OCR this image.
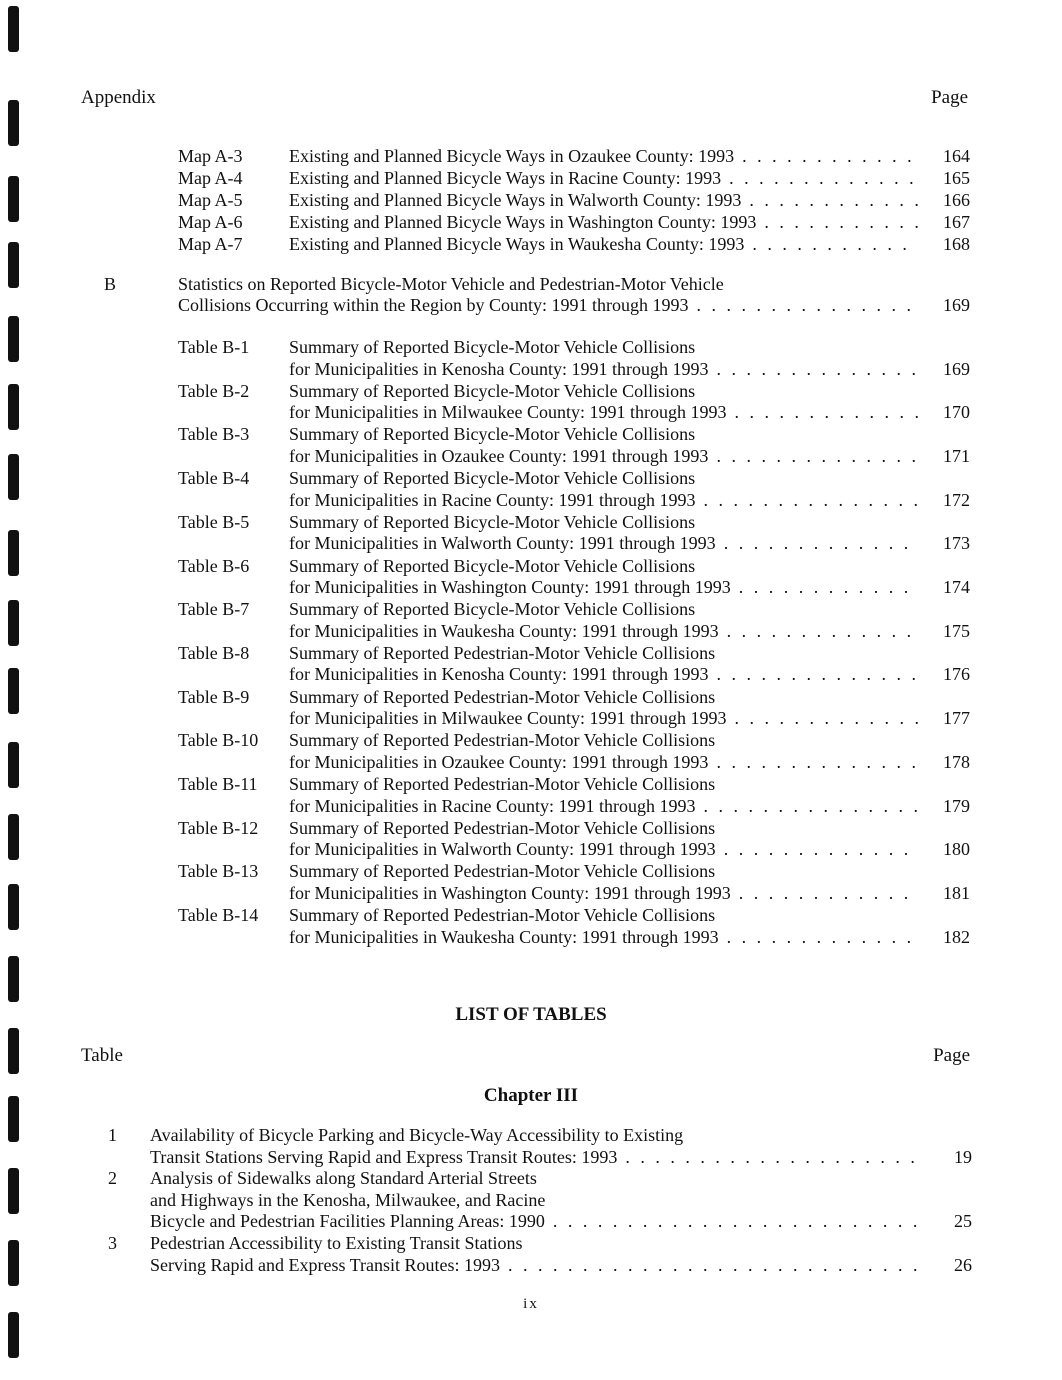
Appendix	Page
Map A-3	Existing and Planned Bicycle Ways in Ozaukee County: 1993 . . .	164
Map A-4	Existing and Planned Bicycle Ways in Racine County: 1993 . . .	165
Map A-5	Existing and Planned Bicycle Ways in Walworth County: 1993 . . .	166
Map A-6	Existing and Planned Bicycle Ways in Washington County: 1993 . . .	167
Map A-7	Existing and Planned Bicycle Ways in Waukesha County: 1993 . . .	168
B	Statistics on Reported Bicycle-Motor Vehicle and Pedestrian-Motor Vehicle
Collisions Occurring within the Region by County: 1991 through 1993 . . .	169
Table B-1 Summary of Reported Bicycle-Motor Vehicle Collisions
for Municipalities in Kenosha County: 1991 through 1993 . . .	169
Table B-2 Summary of Reported Bicycle-Motor Vehicle Collisions
for Municipalities in Milwaukee County: 1991 through 1993 . . .	170
Table B-3 Summary of Reported Bicycle-Motor Vehicle Collisions
for Municipalities in Ozaukee County: 1991 through 1993 . . .	171
Table B-4 Summary of Reported Bicycle-Motor Vehicle Collisions
for Municipalities in Racine County: 1991 through 1993 . . .	172
Table B-5 Summary of Reported Bicycle-Motor Vehicle Collisions
for Municipalities in Walworth County: 1991 through 1993 . . .	173
Table B-6 Summary of Reported Bicycle-Motor Vehicle Collisions
for Municipalities in Washington County: 1991 through 1993 . . .	174
Table B-7 Summary of Reported Bicycle-Motor Vehicle Collisions
for Municipalities in Waukesha County: 1991 through 1993 . . .	175
Table B-8 Summary of Reported Pedestrian-Motor Vehicle Collisions
for Municipalities in Kenosha County: 1991 through 1993 . . .	176
Table B-9 Summary of Reported Pedestrian-Motor Vehicle Collisions
for Municipalities in Milwaukee County: 1991 through 1993 . . .	177
Table B-10 Summary of Reported Pedestrian-Motor Vehicle Collisions
for Municipalities in Ozaukee County: 1991 through 1993 . . .	178
Table B-11 Summary of Reported Pedestrian-Motor Vehicle Collisions
for Municipalities in Racine County: 1991 through 1993 . . .	179
Table B-12 Summary of Reported Pedestrian-Motor Vehicle Collisions
for Municipalities in Walworth County: 1991 through 1993 . . .	180
Table B-13 Summary of Reported Pedestrian-Motor Vehicle Collisions
for Municipalities in Washington County: 1991 through 1993 . . .	181
Table B-14 Summary of Reported Pedestrian-Motor Vehicle Collisions
for Municipalities in Waukesha County: 1991 through 1993 . . .	182
LIST OF TABLES
Table	Page
Chapter III
1 Availability of Bicycle Parking and Bicycle-Way Accessibility to Existing
Transit Stations Serving Rapid and Express Transit Routes: 1993 . . .	19
2 Analysis of Sidewalks along Standard Arterial Streets
and Highways in the Kenosha, Milwaukee, and Racine
Bicycle and Pedestrian Facilities Planning Areas: 1990 . . .	25
3 Pedestrian Accessibility to Existing Transit Stations
Serving Rapid and Express Transit Routes: 1993 . . .	26
ix
